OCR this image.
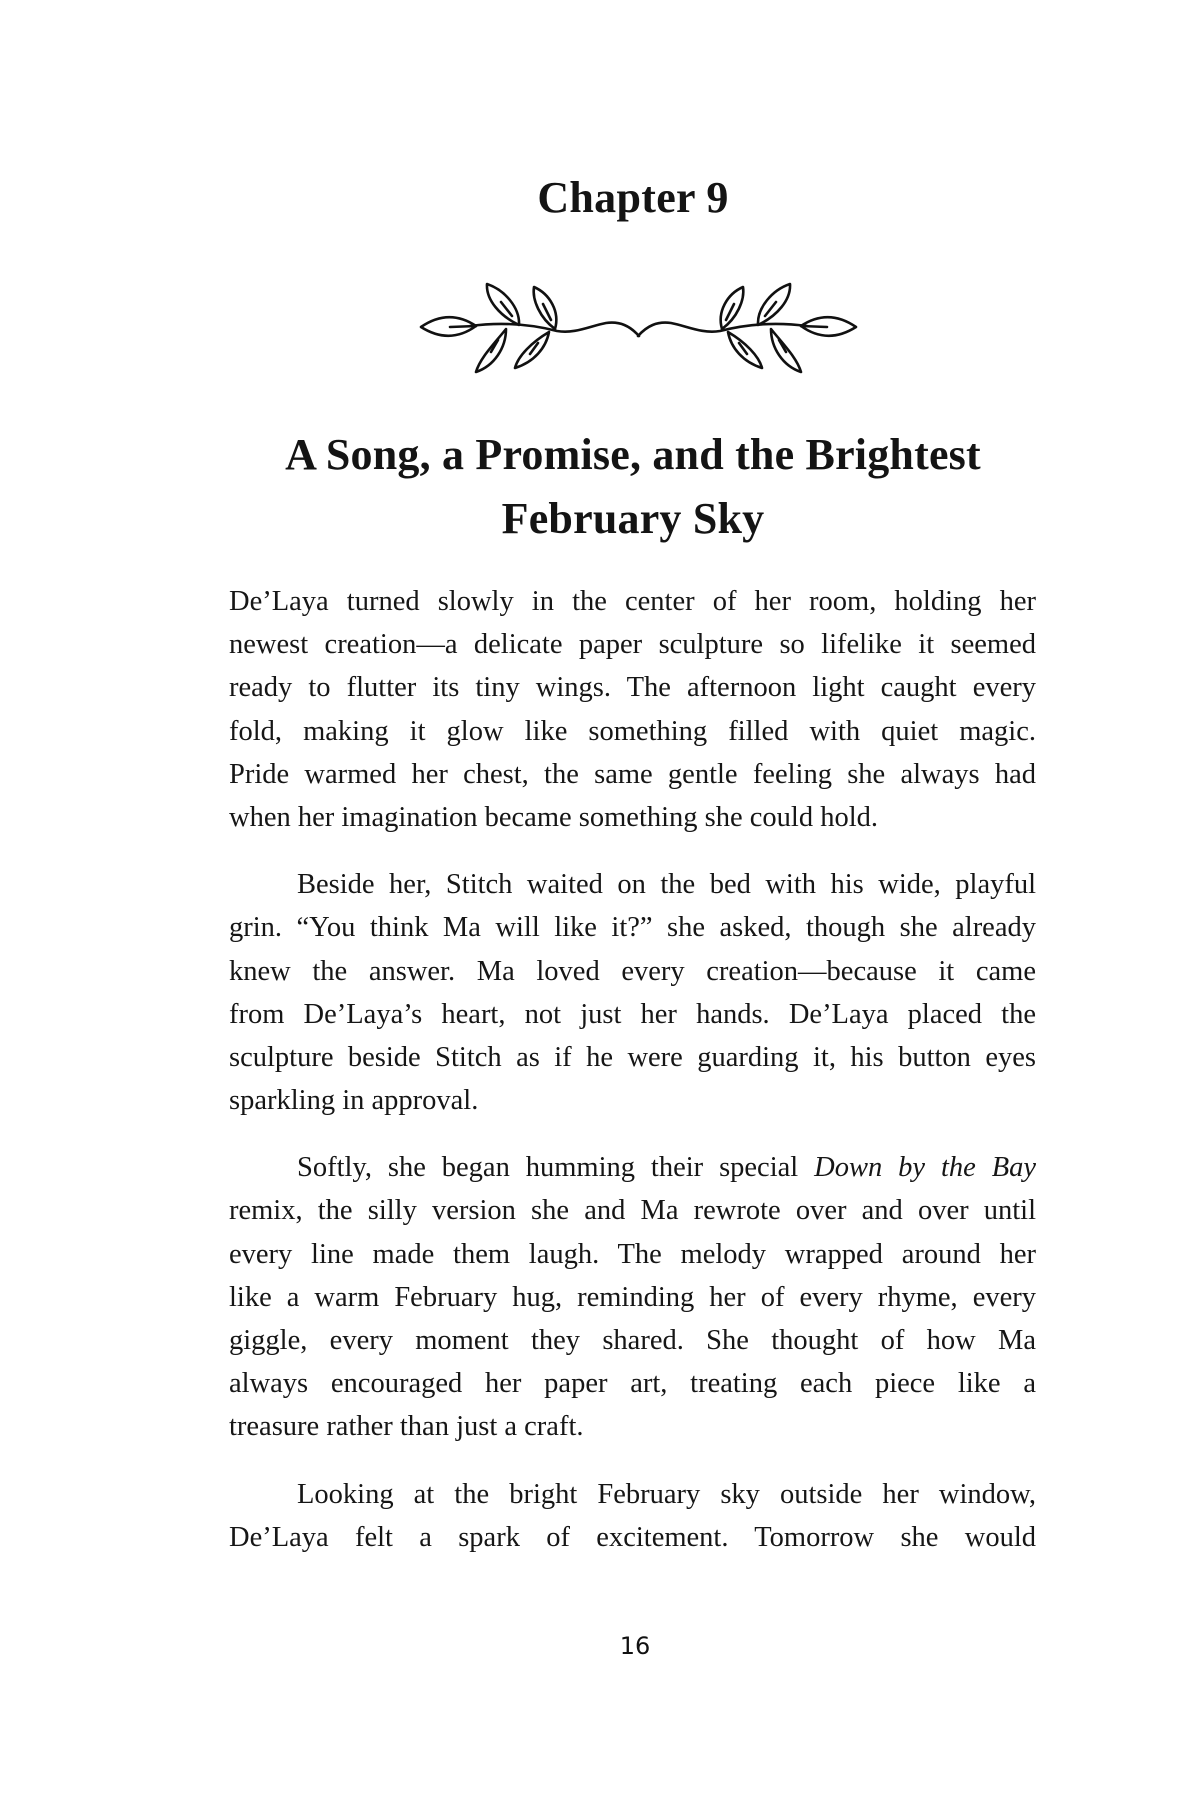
Chapter 9
A Song, a Promise, and the Brightest
February Sky
De’Laya turned slowly in the center of her room, holding her
newest creation—a delicate paper sculpture so lifelike it seemed
ready to flutter its tiny wings. The afternoon light caught every
fold, making it glow like something filled with quiet magic.
Pride warmed her chest, the same gentle feeling she always had
when her imagination became something she could hold.
Beside her, Stitch waited on the bed with his wide, playful
grin. “You think Ma will like it?” she asked, though she already
knew the answer. Ma loved every creation—because it came
from De’Laya’s heart, not just her hands. De’Laya placed the
sculpture beside Stitch as if he were guarding it, his button eyes
sparkling in approval.
Softly, she began humming their special Down by the Bay
remix, the silly version she and Ma rewrote over and over until
every line made them laugh. The melody wrapped around her
like a warm February hug, reminding her of every rhyme, every
giggle, every moment they shared. She thought of how Ma
always encouraged her paper art, treating each piece like a
treasure rather than just a craft.
Looking at the bright February sky outside her window,
De’Laya felt a spark of excitement. Tomorrow she would
16
